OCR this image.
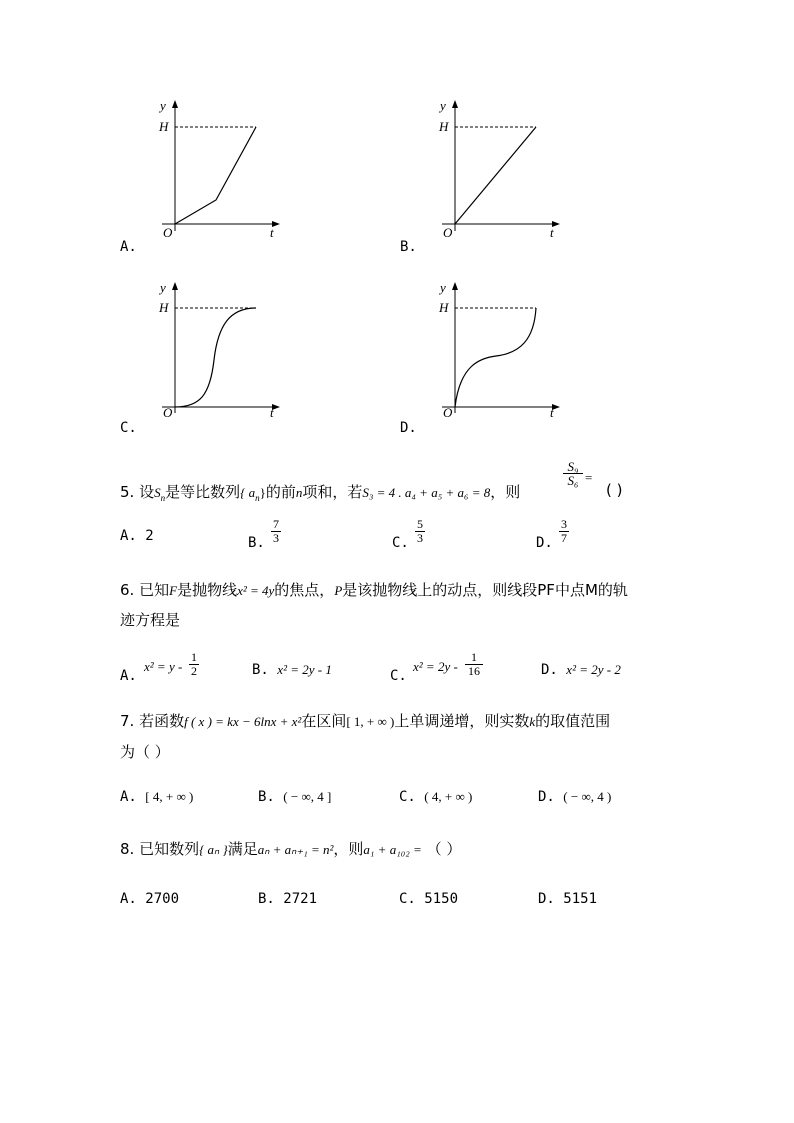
A.
y
H
O	t
B.
y
H
O	t
C.
y
H
O	t
D.
y
H
O	t
5. 设$S_n$是等比数列{ $a_n$}的前n项和，若S₃ = 4 . a₄ + a₅ + a₆ = 8，则
S₉
S₆ =
( )
A. 2	B.
7
3	C.
5
3	D.
3
7
6. 已知F是抛物线x² = 4y的焦点，P是该抛物线上的动点，则线段PF中点M的轨
迹方程是
A.
x² = y -
1
2	B. x² = 2y - 1	C.
x² = 2y -
1
16	D. x² = 2y - 2
7. 若函数f ( x ) = kx − 6lnx + x²在区间[ 1, + ∞ )上单调递增，则实数k的取值范围
为（ ）
A. [ 4, + ∞ )	B. ( − ∞, 4 ]	C. ( 4, + ∞ )	D. ( − ∞, 4 )
8. 已知数列{ aₙ }满足aₙ + aₙ₊₁ = n²，则a₁ + a₁₀₂ = （ ）
A. 2700	B. 2721	C. 5150	D. 5151
